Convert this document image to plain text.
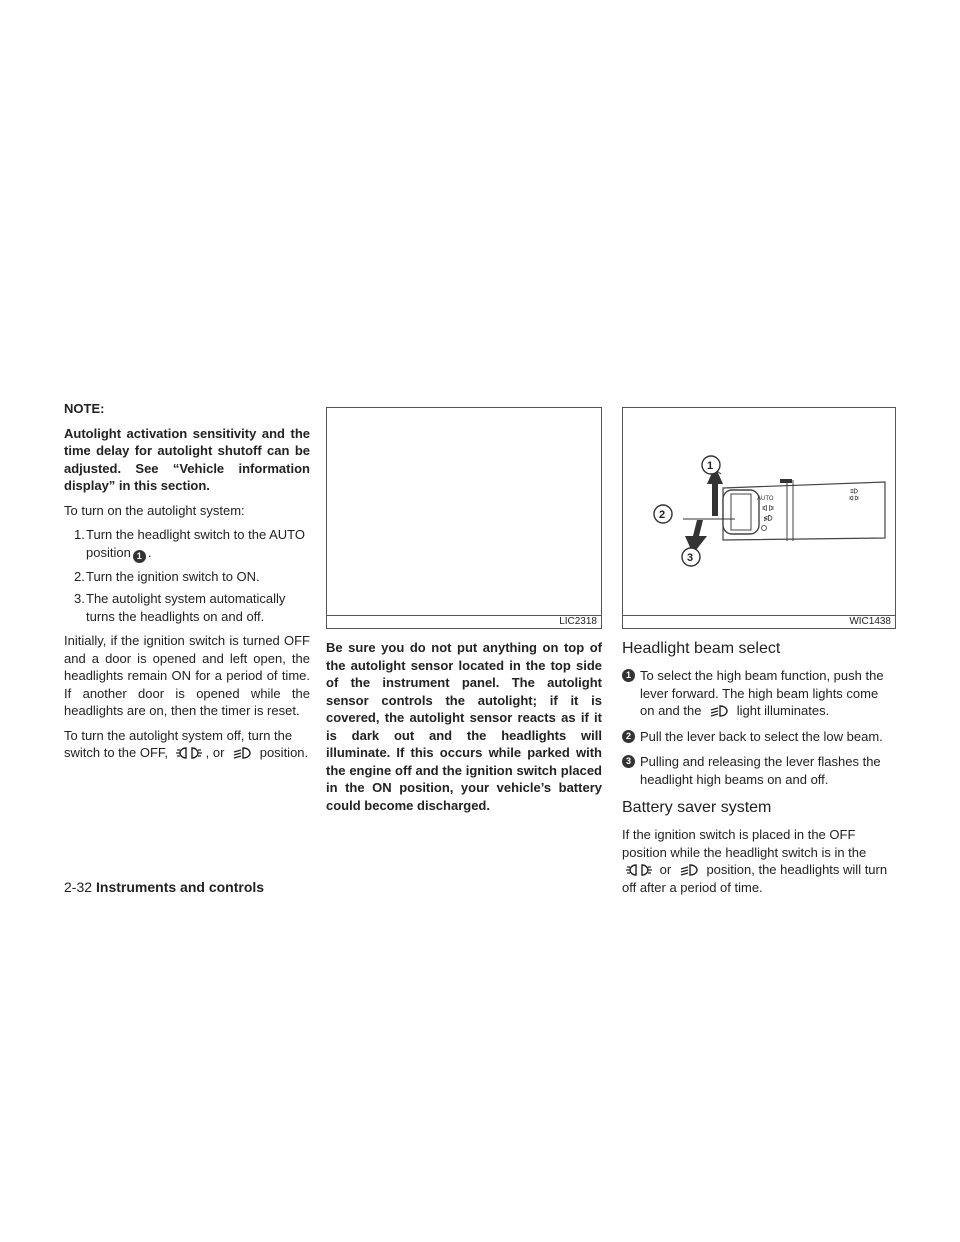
NOTE:

Autolight activation sensitivity and the time delay for autolight shutoff can be adjusted. See “Vehicle information display” in this section.

To turn on the autolight system:

1. Turn the headlight switch to the AUTO position 1 .
2. Turn the ignition switch to ON.
3. The autolight system automatically turns the headlights on and off.

Initially, if the ignition switch is turned OFF and a door is opened and left open, the headlights remain ON for a period of time. If another door is opened while the headlights are on, then the timer is reset.

To turn the autolight system off, turn the switch to the OFF,	, or	position.

LIC2318

Be sure you do not put anything on top of the autolight sensor located in the top side of the instrument panel. The autolight sensor controls the autolight; if it is covered, the autolight sensor reacts as if it is dark out and the headlights will illuminate. If this occurs while parked with the engine off and the ignition switch placed in the ON position, your vehicle’s battery could become discharged.

AUTO
1
2
3
WIC1438
Headlight beam select
1 To select the high beam function, push the lever forward. The high beam lights come on and the	light illuminates.
2 Pull the lever back to select the low beam.
3 Pulling and releasing the lever flashes the headlight high beams on and off.
Battery saver system

If the ignition switch is placed in the OFF position while the headlight switch is in the  or	position, the headlights will turn off after a period of time.

2-32 Instruments and controls
